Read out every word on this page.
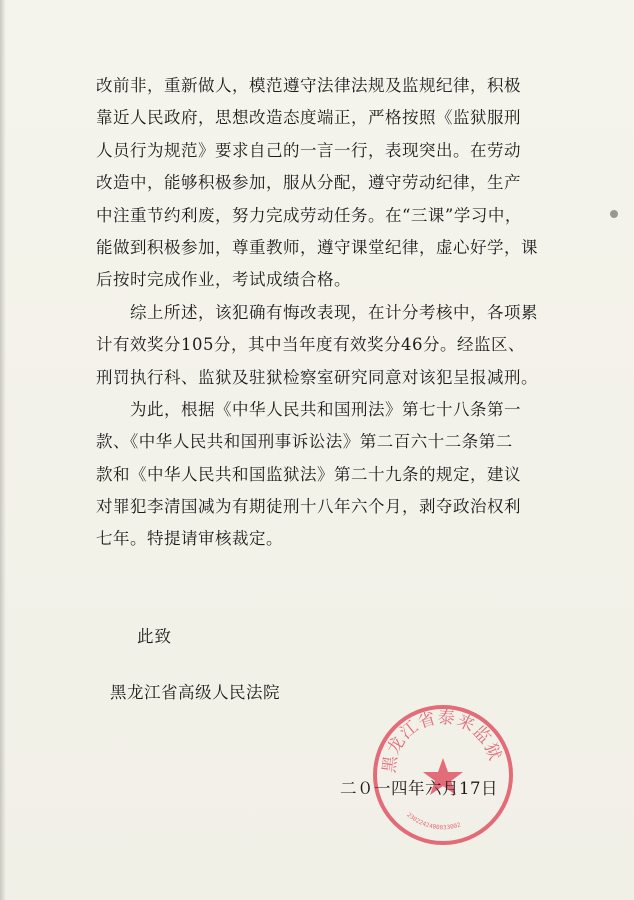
改前非，重新做人，模范遵守法律法规及监规纪律，积极
靠近人民政府，思想改造态度端正，严格按照《监狱服刑
人员行为规范》要求自己的一言一行，表现突出。在劳动
改造中，能够积极参加，服从分配，遵守劳动纪律，生产
中注重节约利废，努力完成劳动任务。在“三课”学习中，
能做到积极参加，尊重教师，遵守课堂纪律，虚心好学，课
后按时完成作业，考试成绩合格。
　　综上所述，该犯确有悔改表现，在计分考核中，各项累
计有效奖分105分，其中当年度有效奖分46分。经监区、
刑罚执行科、监狱及驻狱检察室研究同意对该犯呈报减刑。
　　为此，根据《中华人民共和国刑法》第七十八条第一
款、《中华人民共和国刑事诉讼法》第二百六十二条第二
款和《中华人民共和国监狱法》第二十九条的规定，建议
对罪犯李清国减为有期徒刑十八年六个月，剥夺政治权利
七年。特提请审核裁定。
此致
黑龙江省高级人民法院
黑龙江省泰来监狱
2302242400033002
二０一四年六月17日
